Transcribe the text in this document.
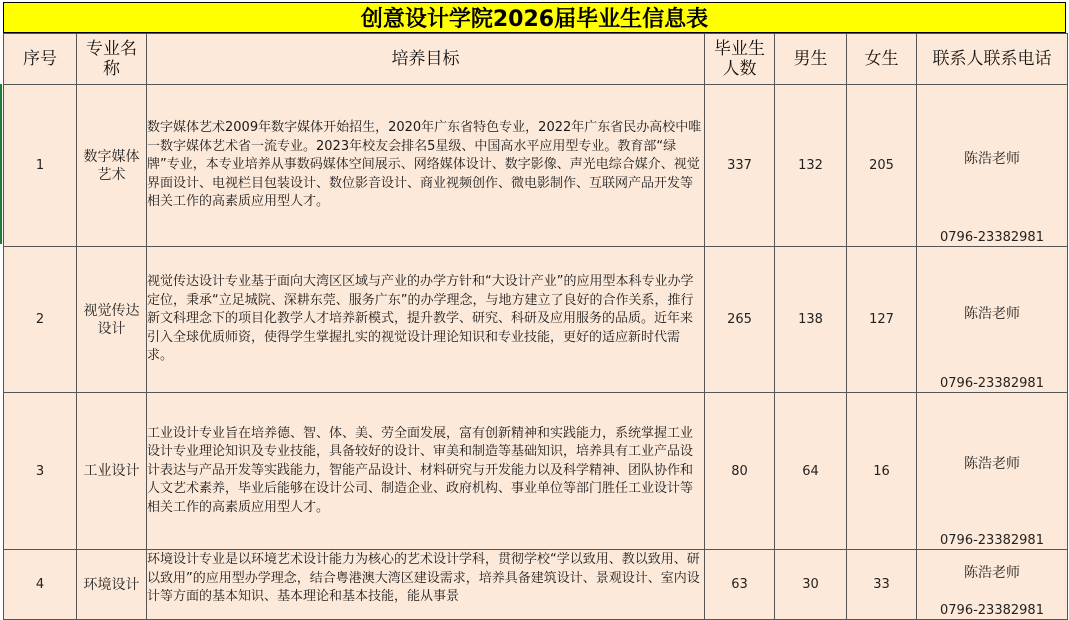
创意设计学院2026届毕业生信息表
序号	专业名称	培养目标	毕业生人数	男生	女生	联系人联系电话
1	数字媒体艺术	数字媒体艺术2009年数字媒体开始招生，2020年广东省特色专业，2022年广东省民办高校中唯一数字媒体艺术省一流专业。2023年校友会排名5星级、中国高水平应用型专业。教育部“绿牌”专业，本专业培养从事数码媒体空间展示、网络媒体设计、数字影像、声光电综合媒介、视觉界面设计、电视栏目包装设计、数位影音设计、商业视频创作、微电影制作、互联网产品开发等相关工作的高素质应用型人才。	337	132	205	陈浩老师
0796-23382981

2	视觉传达设计	视觉传达设计专业基于面向大湾区区域与产业的办学方针和“大设计产业”的应用型本科专业办学定位，秉承“立足城院、深耕东莞、服务广东”的办学理念，与地方建立了良好的合作关系，推行新文科理念下的项目化教学人才培养新模式，提升教学、研究、科研及应用服务的品质。近年来引入全球优质师资，使得学生掌握扎实的视觉设计理论知识和专业技能，更好的适应新时代需求。	265	138	127	陈浩老师
0796-23382981

3	工业设计	工业设计专业旨在培养德、智、体、美、劳全面发展，富有创新精神和实践能力，系统掌握工业设计专业理论知识及专业技能，具备较好的设计、审美和制造等基础知识，培养具有工业产品设计表达与产品开发等实践能力，智能产品设计、材料研究与开发能力以及科学精神、团队协作和人文艺术素养，毕业后能够在设计公司、制造企业、政府机构、事业单位等部门胜任工业设计等相关工作的高素质应用型人才。	80	64	16	陈浩老师
0796-23382981

4	环境设计	环境设计专业是以环境艺术设计能力为核心的艺术设计学科，贯彻学校“学以致用、教以致用、研以致用”的应用型办学理念，结合粤港澳大湾区建设需求，培养具备建筑设计、景观设计、室内设计等方面的基本知识、基本理论和基本技能，能从事景	63	30	33	陈浩老师
0796-23382981
